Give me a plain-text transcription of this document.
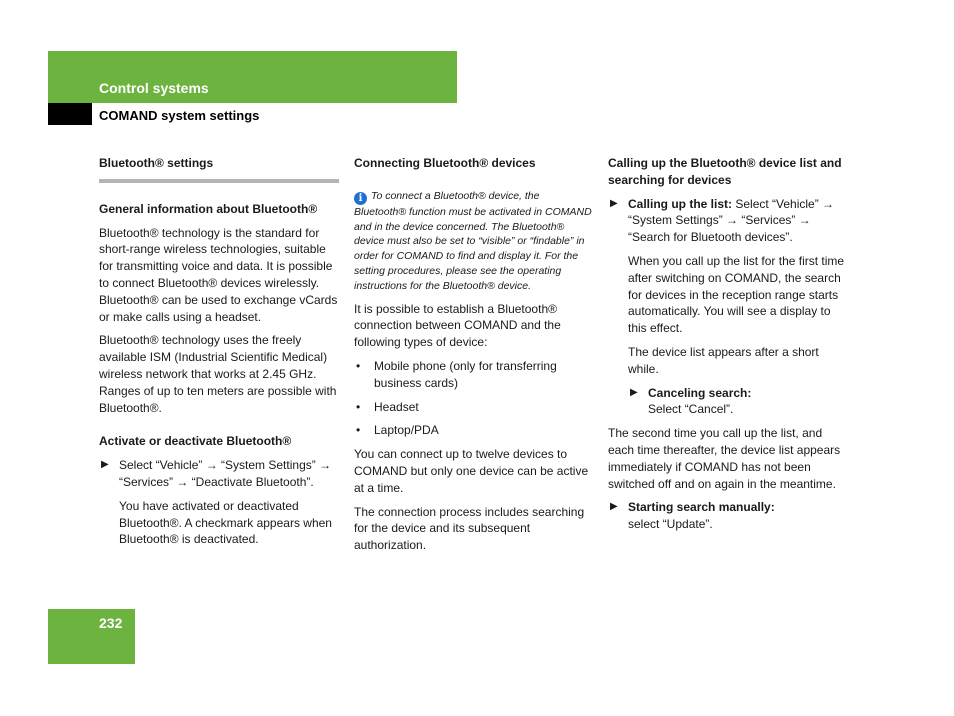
Control systems
COMAND system settings
Bluetooth® settings
General information about Bluetooth®

Bluetooth® technology is the standard for short-range wireless technologies, suitable for transmitting voice and data. It is possible to connect Bluetooth® devices wirelessly. Bluetooth® can be used to exchange vCards or make calls using a headset.

Bluetooth® technology uses the freely available ISM (Industrial Scientific Medical) wireless network that works at 2.45 GHz. Ranges of up to ten meters are possible with Bluetooth®.

Activate or deactivate Bluetooth®
▶ Select “Vehicle” → “System Settings” → “Services” → “Deactivate Bluetooth”.

You have activated or deactivated Bluetooth®. A checkmark appears when Bluetooth® is deactivated.

Connecting Bluetooth® devices

i To connect a Bluetooth® device, the Bluetooth® function must be activated in COMAND and in the device concerned. The Bluetooth® device must also be set to “visible” or “findable” in order for COMAND to find and display it. For the setting procedures, please see the operating instructions for the Bluetooth® device.

It is possible to establish a Bluetooth® connection between COMAND and the following types of device:

• Mobile phone (only for transferring business cards)
• Headset
• Laptop/PDA

You can connect up to twelve devices to COMAND but only one device can be active at a time.

The connection process includes searching for the device and its subsequent authorization.

Calling up the Bluetooth® device list and searching for devices
▶ Calling up the list: Select “Vehicle” → “System Settings” → “Services” → “Search for Bluetooth devices”.

When you call up the list for the first time after switching on COMAND, the search for devices in the reception range starts automatically. You will see a display to this effect.

The device list appears after a short while.

▶ Canceling search:
Select “Cancel”.

The second time you call up the list, and each time thereafter, the device list appears immediately if COMAND has not been switched off and on again in the meantime.

▶ Starting search manually:
select “Update”.
232
